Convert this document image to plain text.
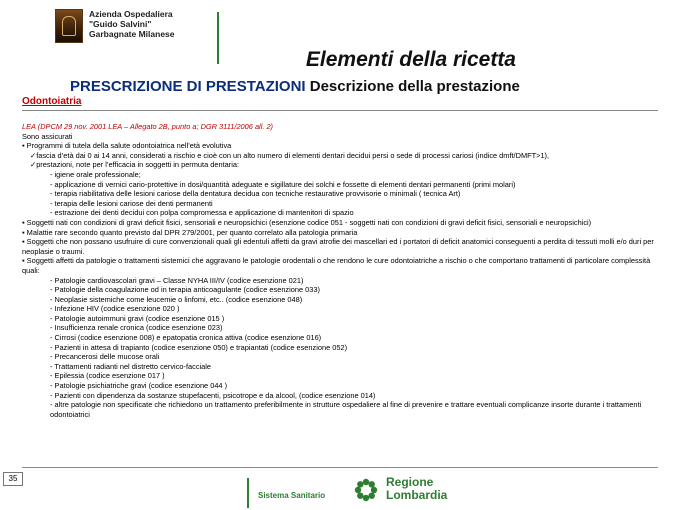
Azienda Ospedaliera
"Guido Salvini"
Garbagnate Milanese
Elementi della ricetta
PRESCRIZIONE DI PRESTAZIONI Descrizione della prestazione
Odontoiatria
LEA (DPCM 29 nov. 2001 LEA – Allegato 2B, punto a; DGR 3111/2006 all. 2)
Sono assicurati
▪ Programmi di tutela della salute odontoiatrica nell’età evolutiva
✓fascia d’età dai 0 ai 14 anni, considerati a rischio e cioè con un alto numero di elementi dentari decidui persi o sede di processi cariosi (indice dmft/DMFT>1),
✓prestazioni, note per l’efficacia in soggetti in permuta dentaria:
- igiene orale professionale;
- applicazione di vernici cario-protettive in dosi/quantità adeguate e sigillature dei solchi e fossette di elementi dentari permanenti (primi molari)
- terapia riabilitativa delle lesioni cariose della dentatura decidua con tecniche restaurative provvisorie o minimali ( tecnica Art)
- terapia delle lesioni cariose dei denti permanenti
- estrazione dei denti decidui con polpa compromessa e applicazione di mantenitori di spazio
▪ Soggetti nati con condizioni di gravi deficit fisici, sensoriali e neuropsichici (esenzione codice 051 - soggetti nati con condizioni di gravi deficit fisici, sensoriali e neuropsichici)
▪ Malattie rare secondo quanto previsto dal DPR 279/2001, per quanto correlato alla patologia primaria
▪ Soggetti che non possano usufruire di cure convenzionali quali gli edentuli affetti da gravi atrofie dei mascellari ed i portatori di deficit anatomici conseguenti a perdita di tessuti molli e/o duri per neoplasie o traumi.
▪ Soggetti affetti da patologie o trattamenti sistemici che aggravano le patologie orodentali o che rendono le cure odontoiatriche a rischio o che comportano trattamenti di particolare complessità quali:
- Patologie cardiovascolari gravi – Classe NYHA III/IV (codice esenzione 021)
- Patologie della coagulazione od in terapia anticoagulante (codice esenzione 033)
- Neoplasie sistemiche come leucemie o linfomi, etc.. (codice esenzione 048)
- Infezione HIV (codice esenzione 020 )
- Patologie autoimmuni gravi (codice esenzione 015 )
- Insufficienza renale cronica (codice esenzione 023)
- Cirrosi (codice esenzione 008) e epatopatia cronica attiva (codice esenzione 016)
- Pazienti in attesa di trapianto (codice esenzione 050) e trapiantati (codice esenzione 052)
- Precancerosi delle mucose orali
- Trattamenti radianti nel distretto cervico-facciale
- Epilessia (codice esenzione 017 )
- Patologie psichiatriche gravi (codice esenzione 044 )
- Pazienti con dipendenza da sostanze stupefacenti, psicotrope e da alcool, (codice esenzione 014)
- altre patologie non specificate che richiedono un trattamento preferibilmente in strutture ospedaliere al fine di prevenire e trattare eventuali complicanze insorte durante i trattamenti odontoiatrici
35
Sistema Sanitario
Regione
Lombardia
